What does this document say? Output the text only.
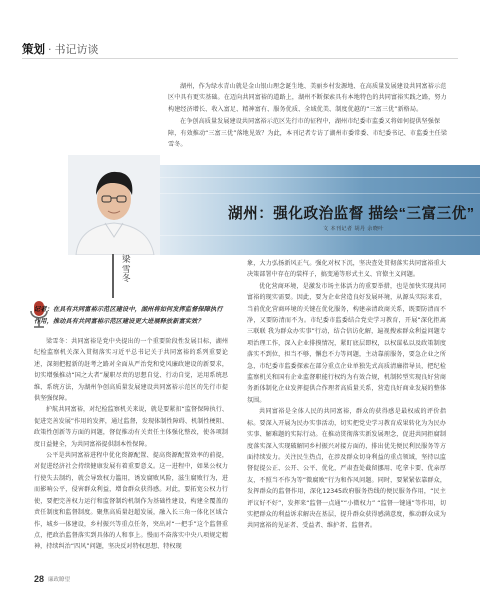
策划 · 书记访谈

湖州，作为绿水青山就是金山银山理念诞生地、美丽乡村发源地、在高质量发展建设共同富裕示范区中具有更实基础。在迈向共同富裕的道路上，湖州不断探索具有本地特色的共同富裕实践之路，努力构建经济增长、收入富足、精神富有、服务优质、全域优美、制度优越的“三富三优”新格局。

在争创高质量发展建设共同富裕示范区先行市的征程中，湖州市纪委市监委又将如何提供坚强保障，有效推动“三富三优”落地见效？为此，本刊记者专访了湖州市委常委、市纪委书记、市监委主任梁雪冬。

湖州：强化政治监督 描绘“三富三优”
文 本刊记者 胡丹 余晓叶
梁雪冬
记者：在具有共同富裕示范区建设中，湖州将如何发挥监督保障执行作用，推动具有共同富裕示范区建设更大进展释放新富实效？

梁雪冬：共同富裕是党中央提出的一个重要阶段性发展目标，湖州纪检监察机关深入贯彻落实习近平总书记关于共同富裕的系列重要论述，深刻把握新的赶考之路对全面从严治党和党风廉政建设的新要求，切实增强推动“国之大者”履职尽责的思想自觉、行动自觉，运用系统思维、系统方法，为湖州争创高质量发展建设共同富裕示范区的先行市提供坚强保障。

护航共同富裕，对纪检监察机关来说，就是要紧扣“监督保障执行、促进完善发展”作用的发挥，通过监督，发现体制性障碍、机制性梗阻、政策性创新等方面的问题，督促推动有关责任主体强化整改，使各项制度日益健全，为共同富裕提供制本性保障。

公平是共同富裕进程中优化资源配置、提高资源配置效率的前提，对促进经济社会持续健康发展有着重要意义。这一进程中，如果公权力行使失去制约，就会导致权力滥用，诱发腐败风险，滋生腐败行为，进而影响公平，侵害群众利益，增食群众获得感。对此，要拓宽公权力行使，要把完善权力运行和监督制约机制作为基础性建设，构建全覆盖的责任制度和监督制度。聚焦高质量赶超发展，融入长三角一体化区域合作，城乡一体建设，乡村振兴等重点任务，突出对“一把手”这个监督重点，把政治监督落实到具体的人和事上。慢而不奋落实中央八项规定精神，持续纠治“四风”问题，坚决反对特权思想、特权现

象，大力弘扬新风正气。强化对权下沉，坚决查处贯彻落实共同富裕重大决策部署中存在的装样子，搞变通等形式主义、官僚主义问题。

优化营商环境，是激发市场主体活力的重要举措，也是加快实现共同富裕的现实需要。因此，要为企业营造良好发展环境，从源头实际来看，当前优化营商环境的关键在优化服务，构建亲清政商关系，既要防清而不净，又要防清而不为。市纪委市监委结合党史学习教育，开展“深化拒离三联联 我为群众办实事”行动，结合信访化解，遍视搜索群众利益问题专项治理工作，深入企业排摸情况，紧盯底层即权，以权谋私以及政策制度落实不到位，担当不够，懈怠不力等问题，主动靠前服务，要急企业之所急，市纪委市监委探索在部分重点企业单独先式高质清廉指导员，把纪检监察机关和国有企业监督职能行权约为有效合规，机制转型实现良好营商务新体制化企业发挥提供合作理者高质量关系，营造良好商业发展的整体氛围。

共同富裕是全体人民的共同富裕，群众的获得感是最权威的评价指标。要深入开展为民办实事活动，切实把党史学习教育成果转化为为民办实事、解难题的实际行动。在推动贯彻落实新发展理念，促进共同拒腐制度落实深入实现破解同乡村振兴对接方面的，排出优先便民利民服务等方面持续发力。关注民生热点，在涉及群众切身利益的重点领域，坚持以监督促提公正、公开、公平、优化，严肃查处截留挪用、吃拿卡要、优亲厚友，不照当不作为等“微腐败”行为和作风问题。同时，要紧紧依靠群众，发挥群众的监督作用，深化12345政府服务热线的便民服务作用，“民主评议好不好”，发挥来“监督一点通”“小微权力” “监督一键通”等作用，切实把群众的利益诉求解决在基层，提升群众获得感满意度，推动群众成为共同富裕的见证者、受益者、维护者、监督者。

28 廉政瞭望
